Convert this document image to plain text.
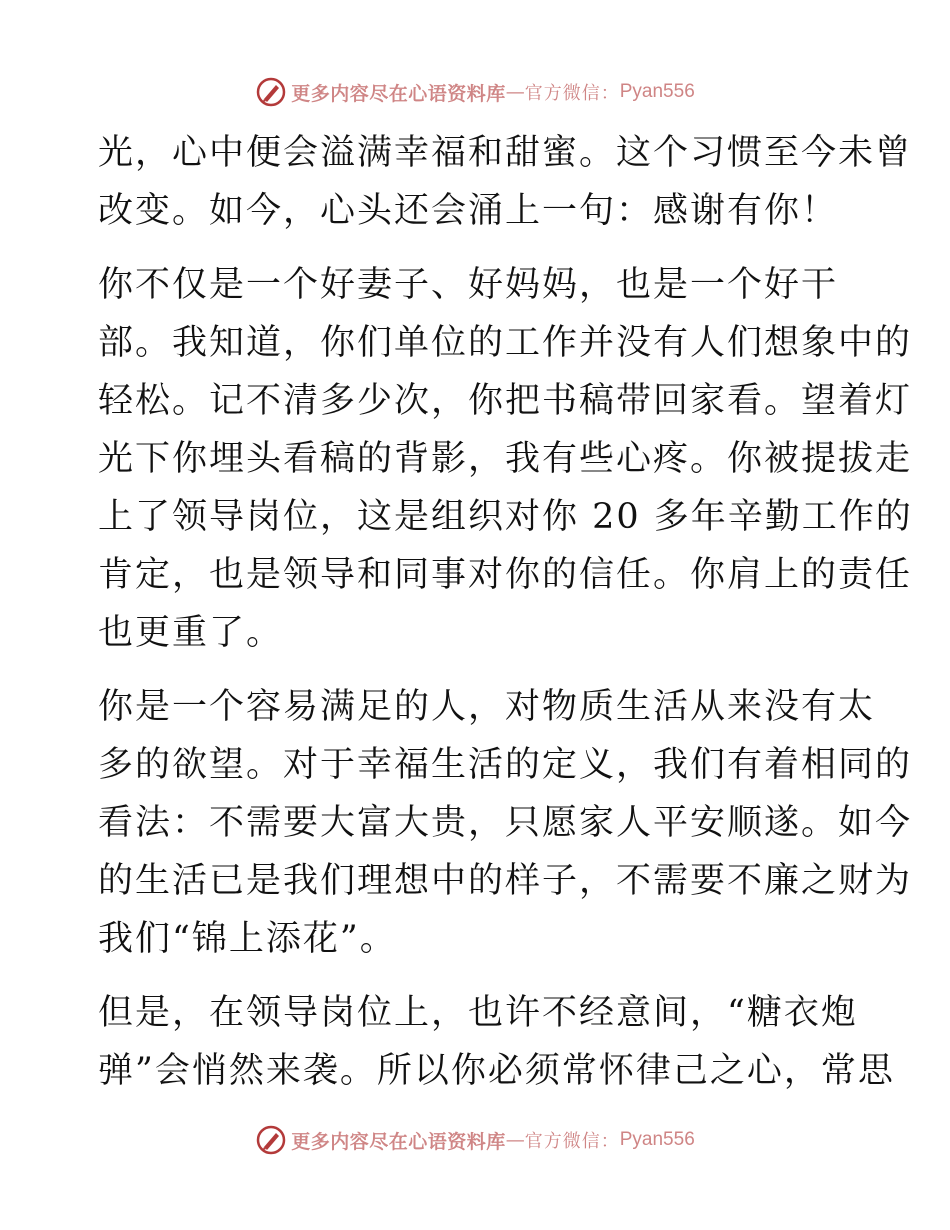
更多内容尽在心语资料库 — 官方微信： Pyan556
光，心中便会溢满幸福和甜蜜。这个习惯至今未曾
改变。如今，心头还会涌上一句：感谢有你！
你不仅是一个好妻子、好妈妈，也是一个好干
部。我知道，你们单位的工作并没有人们想象中的
轻松。记不清多少次，你把书稿带回家看。望着灯
光下你埋头看稿的背影，我有些心疼。你被提拔走
上了领导岗位，这是组织对你 20 多年辛勤工作的
肯定，也是领导和同事对你的信任。你肩上的责任
也更重了。
你是一个容易满足的人，对物质生活从来没有太
多的欲望。对于幸福生活的定义，我们有着相同的
看法：不需要大富大贵，只愿家人平安顺遂。如今
的生活已是我们理想中的样子，不需要不廉之财为
我们“锦上添花”。
但是，在领导岗位上，也许不经意间，“糖衣炮
弹”会悄然来袭。所以你必须常怀律己之心，常思
更多内容尽在心语资料库 — 官方微信： Pyan556
